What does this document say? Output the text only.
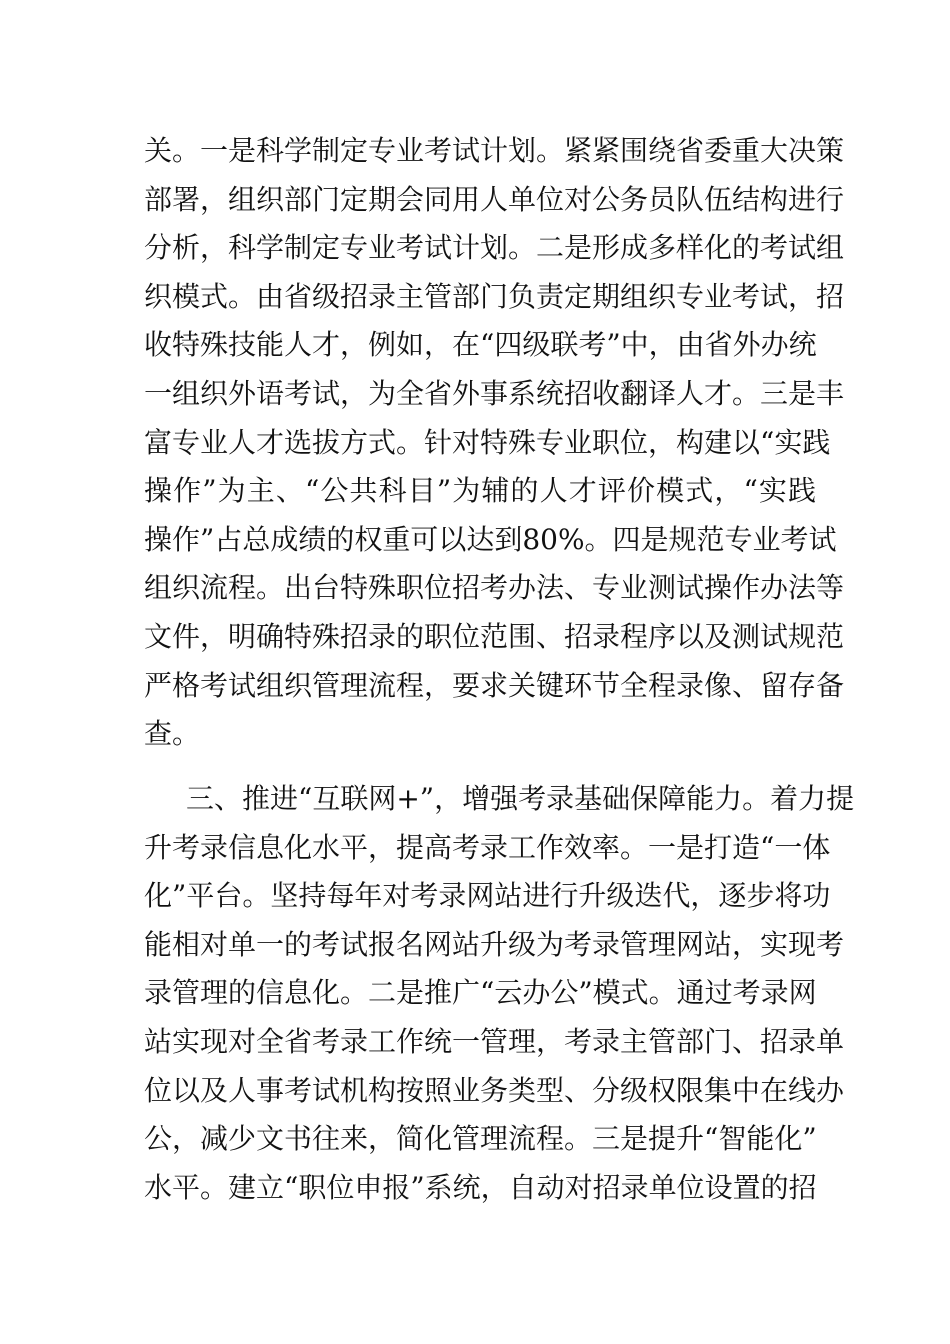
关。一是科学制定专业考试计划。紧紧围绕省委重大决策
部署，组织部门定期会同用人单位对公务员队伍结构进行
分析，科学制定专业考试计划。二是形成多样化的考试组
织模式。由省级招录主管部门负责定期组织专业考试，招
收特殊技能人才，例如，在“四级联考”中，由省外办统
一组织外语考试，为全省外事系统招收翻译人才。三是丰
富专业人才选拔方式。针对特殊专业职位，构建以“实践
操作”为主、“公共科目”为辅的人才评价模式，“实践
操作”占总成绩的权重可以达到80%。四是规范专业考试
组织流程。出台特殊职位招考办法、专业测试操作办法等
文件，明确特殊招录的职位范围、招录程序以及测试规范
严格考试组织管理流程，要求关键环节全程录像、留存备
查。
三、推进“互联网+”，增强考录基础保障能力。着力提
升考录信息化水平，提高考录工作效率。一是打造“一体
化”平台。坚持每年对考录网站进行升级迭代，逐步将功
能相对单一的考试报名网站升级为考录管理网站，实现考
录管理的信息化。二是推广“云办公”模式。通过考录网
站实现对全省考录工作统一管理，考录主管部门、招录单
位以及人事考试机构按照业务类型、分级权限集中在线办
公，减少文书往来，简化管理流程。三是提升“智能化”
水平。建立“职位申报”系统，自动对招录单位设置的招
